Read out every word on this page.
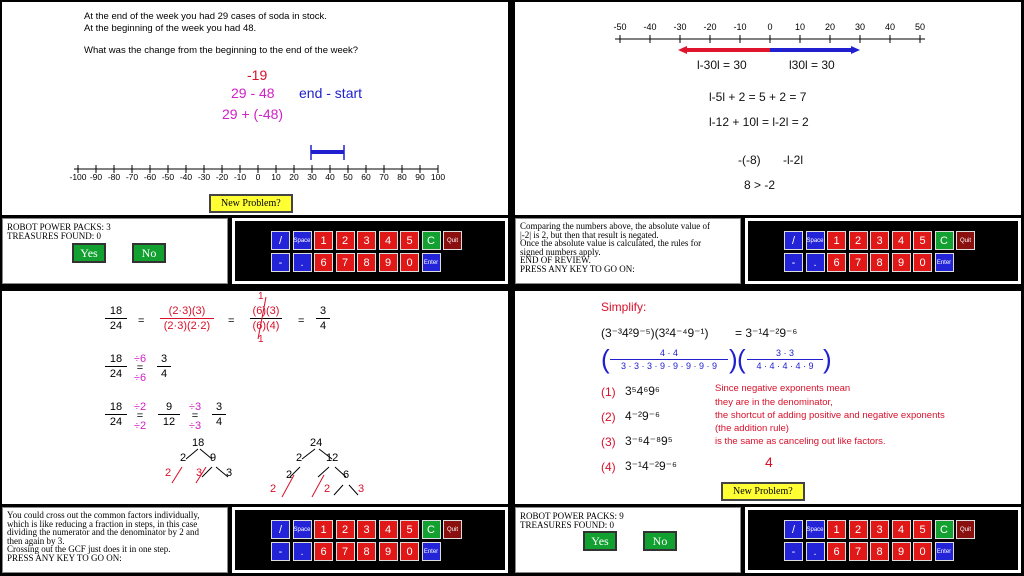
At the end of the week you had 29 cases of soda in stock.
At the beginning of the week you had 48.
What was the change from the beginning to the end of the week?
-19
29 - 48 end - start
29 + (-48)
-100 -90 -80 -70 -60 -50 -40 -30 -20 -10	0	10	20	30	40	50	60	70	80	90 100
New Problem?
ROBOT POWER PACKS: 3
TREASURES FOUND: 0
Yes	No
/	Space 1	2	3	4	5	C	Quit
-	.	6	7	8	9	0	Enter
-50	-40	-30	-20	-10	0	10	20	30	40	50
l-30l = 30	l30l = 30
l-5l + 2 = 5 + 2 = 7
l-12 + 10l = l-2l = 2
-(-8) -l-2l
8 > -2
Comparing the numbers above, the absolute value of
|-2| is 2, but then that result is negated.
Once the absolute value is calculated, the rules for
signed numbers apply.
END OF REVIEW.
PRESS ANY KEY TO GO ON:
/	Space 1	2	3	4	5	C	Quit
-	.	6	7	8	9	0	Enter
18
24	=
(2·3)(3)
(2·3)(2·2)	=
(6)(3)
(6)(4)
1
1
=
3
4
18
24
÷6
=
÷6
3
4
18
24
÷2
=
÷2
9
12
÷3
=
÷3
3
4
18
2 9
2 3 3
24
2 12
2	6
2	2	3
You could cross out the common factors individually,
which is like reducing a fraction in steps, in this case
dividing the numerator and the denominator by 2 and
then again by 3.
Crossing out the GCF just does it in one step.
PRESS ANY KEY TO GO ON:
/	Space 1	2	3	4	5	C	Quit
-	.	6	7	8	9	0	Enter
Simplify:
(3⁻³4²9⁻⁵)(3²4⁻⁴9⁻¹) = 3⁻¹4⁻²9⁻⁶
(	4 · 4
3 · 3 · 3 · 9 · 9 · 9 · 9 · 9 ) (	3 · 3
4 · 4 · 4 · 4 · 9 )
(1) 3⁵4⁶9⁶
(2) 4⁻²9⁻⁶
(3) 3⁻⁶4⁻⁸9⁵
(4) 3⁻¹4⁻²9⁻⁶
Since negative exponents mean
they are in the denominator,
the shortcut of adding positive and negative exponents
(the addition rule)
is the same as canceling out like factors.
4
New Problem?
ROBOT POWER PACKS: 9
TREASURES FOUND: 0
Yes	No
/	Space 1	2	3	4	5	C	Quit
-	.	6	7	8	9	0	Enter
